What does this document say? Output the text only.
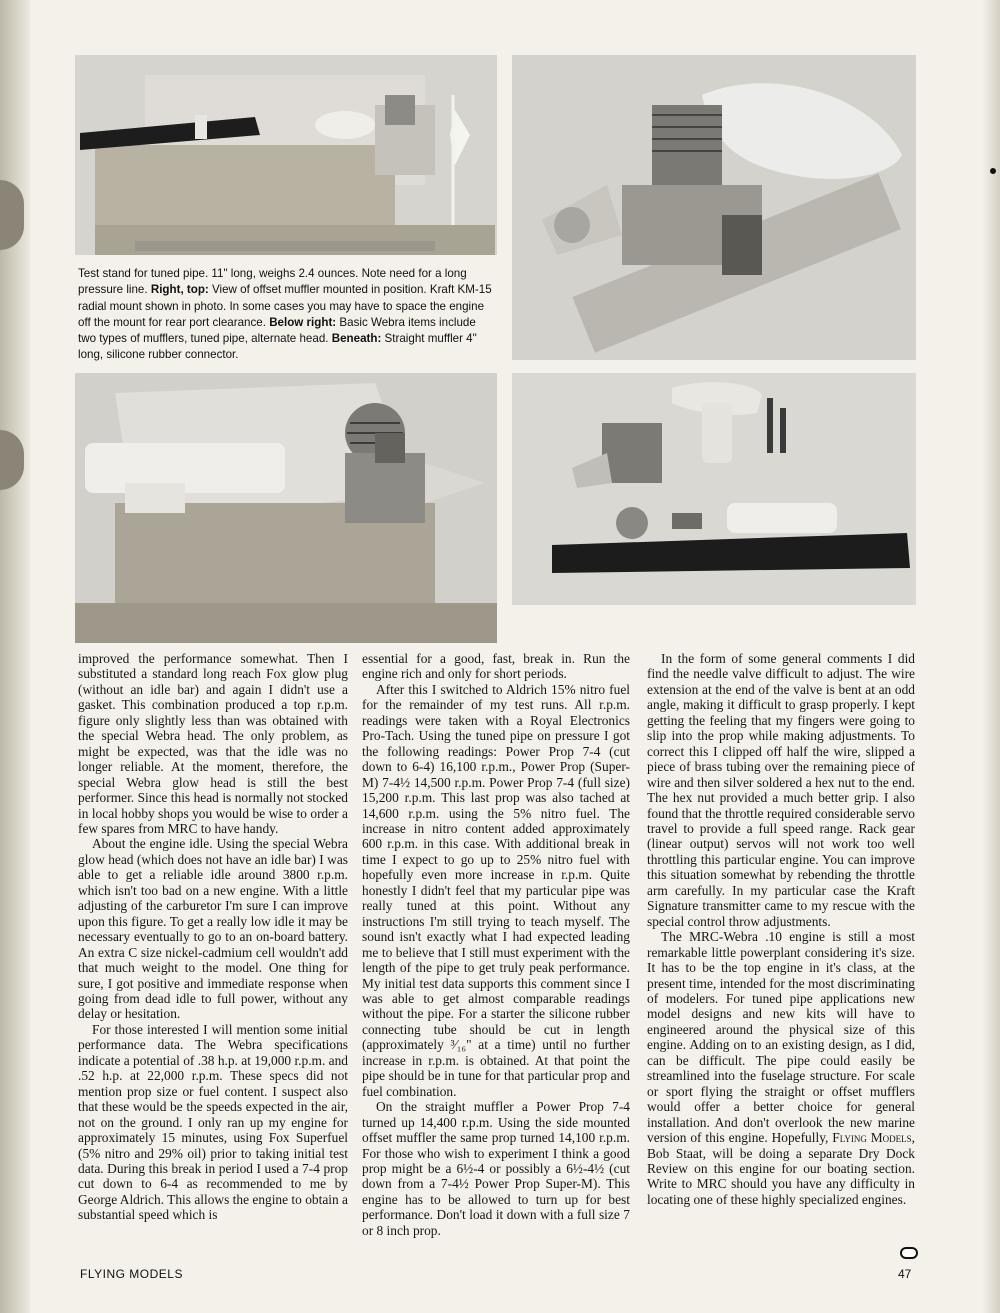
Test stand for tuned pipe. 11" long, weighs 2.4 ounces. Note need for a long pressure line. Right, top: View of offset muffler mounted in position. Kraft KM-15 radial mount shown in photo. In some cases you may have to space the engine off the mount for rear port clearance. Below right: Basic Webra items include two types of mufflers, tuned pipe, alternate head. Beneath: Straight muffler 4" long, silicone rubber connector.

improved the performance somewhat. Then I substituted a standard long reach Fox glow plug (without an idle bar) and again I didn't use a gasket. This combination produced a top r.p.m. figure only slightly less than was obtained with the special Webra head. The only problem, as might be expected, was that the idle was no longer reliable. At the moment, therefore, the special Webra glow head is still the best performer. Since this head is normally not stocked in local hobby shops you would be wise to order a few spares from MRC to have handy.

About the engine idle. Using the special Webra glow head (which does not have an idle bar) I was able to get a reliable idle around 3800 r.p.m. which isn't too bad on a new engine. With a little adjusting of the carburetor I'm sure I can improve upon this figure. To get a really low idle it may be necessary eventually to go to an on-board battery. An extra C size nickel-cadmium cell wouldn't add that much weight to the model. One thing for sure, I got positive and immediate response when going from dead idle to full power, without any delay or hesitation.

For those interested I will mention some initial performance data. The Webra specifications indicate a potential of .38 h.p. at 19,000 r.p.m. and .52 h.p. at 22,000 r.p.m. These specs did not mention prop size or fuel content. I suspect also that these would be the speeds expected in the air, not on the ground. I only ran up my engine for approximately 15 minutes, using Fox Superfuel (5% nitro and 29% oil) prior to taking initial test data. During this break in period I used a 7-4 prop cut down to 6-4 as recommended to me by George Aldrich. This allows the engine to obtain a substantial speed which is

essential for a good, fast, break in. Run the engine rich and only for short periods.

After this I switched to Aldrich 15% nitro fuel for the remainder of my test runs. All r.p.m. readings were taken with a Royal Electronics Pro-Tach. Using the tuned pipe on pressure I got the following readings: Power Prop 7-4 (cut down to 6-4) 16,100 r.p.m., Power Prop (Super-M) 7-4½ 14,500 r.p.m. Power Prop 7-4 (full size) 15,200 r.p.m. This last prop was also tached at 14,600 r.p.m. using the 5% nitro fuel. The increase in nitro content added approximately 600 r.p.m. in this case. With additional break in time I expect to go up to 25% nitro fuel with hopefully even more increase in r.p.m. Quite honestly I didn't feel that my particular pipe was really tuned at this point. Without any instructions I'm still trying to teach myself. The sound isn't exactly what I had expected leading me to believe that I still must experiment with the length of the pipe to get truly peak performance. My initial test data supports this comment since I was able to get almost comparable readings without the pipe. For a starter the silicone rubber connecting tube should be cut in length (approximately ³⁄₁₆" at a time) until no further increase in r.p.m. is obtained. At that point the pipe should be in tune for that particular prop and fuel combination.

On the straight muffler a Power Prop 7-4 turned up 14,400 r.p.m. Using the side mounted offset muffler the same prop turned 14,100 r.p.m. For those who wish to experiment I think a good prop might be a 6½-4 or possibly a 6½-4½ (cut down from a 7-4½ Power Prop Super-M). This engine has to be allowed to turn up for best performance. Don't load it down with a full size 7 or 8 inch prop.

In the form of some general comments I did find the needle valve difficult to adjust. The wire extension at the end of the valve is bent at an odd angle, making it difficult to grasp properly. I kept getting the feeling that my fingers were going to slip into the prop while making adjustments. To correct this I clipped off half the wire, slipped a piece of brass tubing over the remaining piece of wire and then silver soldered a hex nut to the end. The hex nut provided a much better grip. I also found that the throttle required considerable servo travel to provide a full speed range. Rack gear (linear output) servos will not work too well throttling this particular engine. You can improve this situation somewhat by rebending the throttle arm carefully. In my particular case the Kraft Signature transmitter came to my rescue with the special control throw adjustments.

The MRC-Webra .10 engine is still a most remarkable little powerplant considering it's size. It has to be the top engine in it's class, at the present time, intended for the most discriminating of modelers. For tuned pipe applications new model designs and new kits will have to engineered around the physical size of this engine. Adding on to an existing design, as I did, can be difficult. The pipe could easily be streamlined into the fuselage structure. For scale or sport flying the straight or offset mufflers would offer a better choice for general installation. And don't overlook the new marine version of this engine. Hopefully, Flying Models, Bob Staat, will be doing a separate Dry Dock Review on this engine for our boating section. Write to MRC should you have any difficulty in locating one of these highly specialized engines.

FLYING MODELS	47
